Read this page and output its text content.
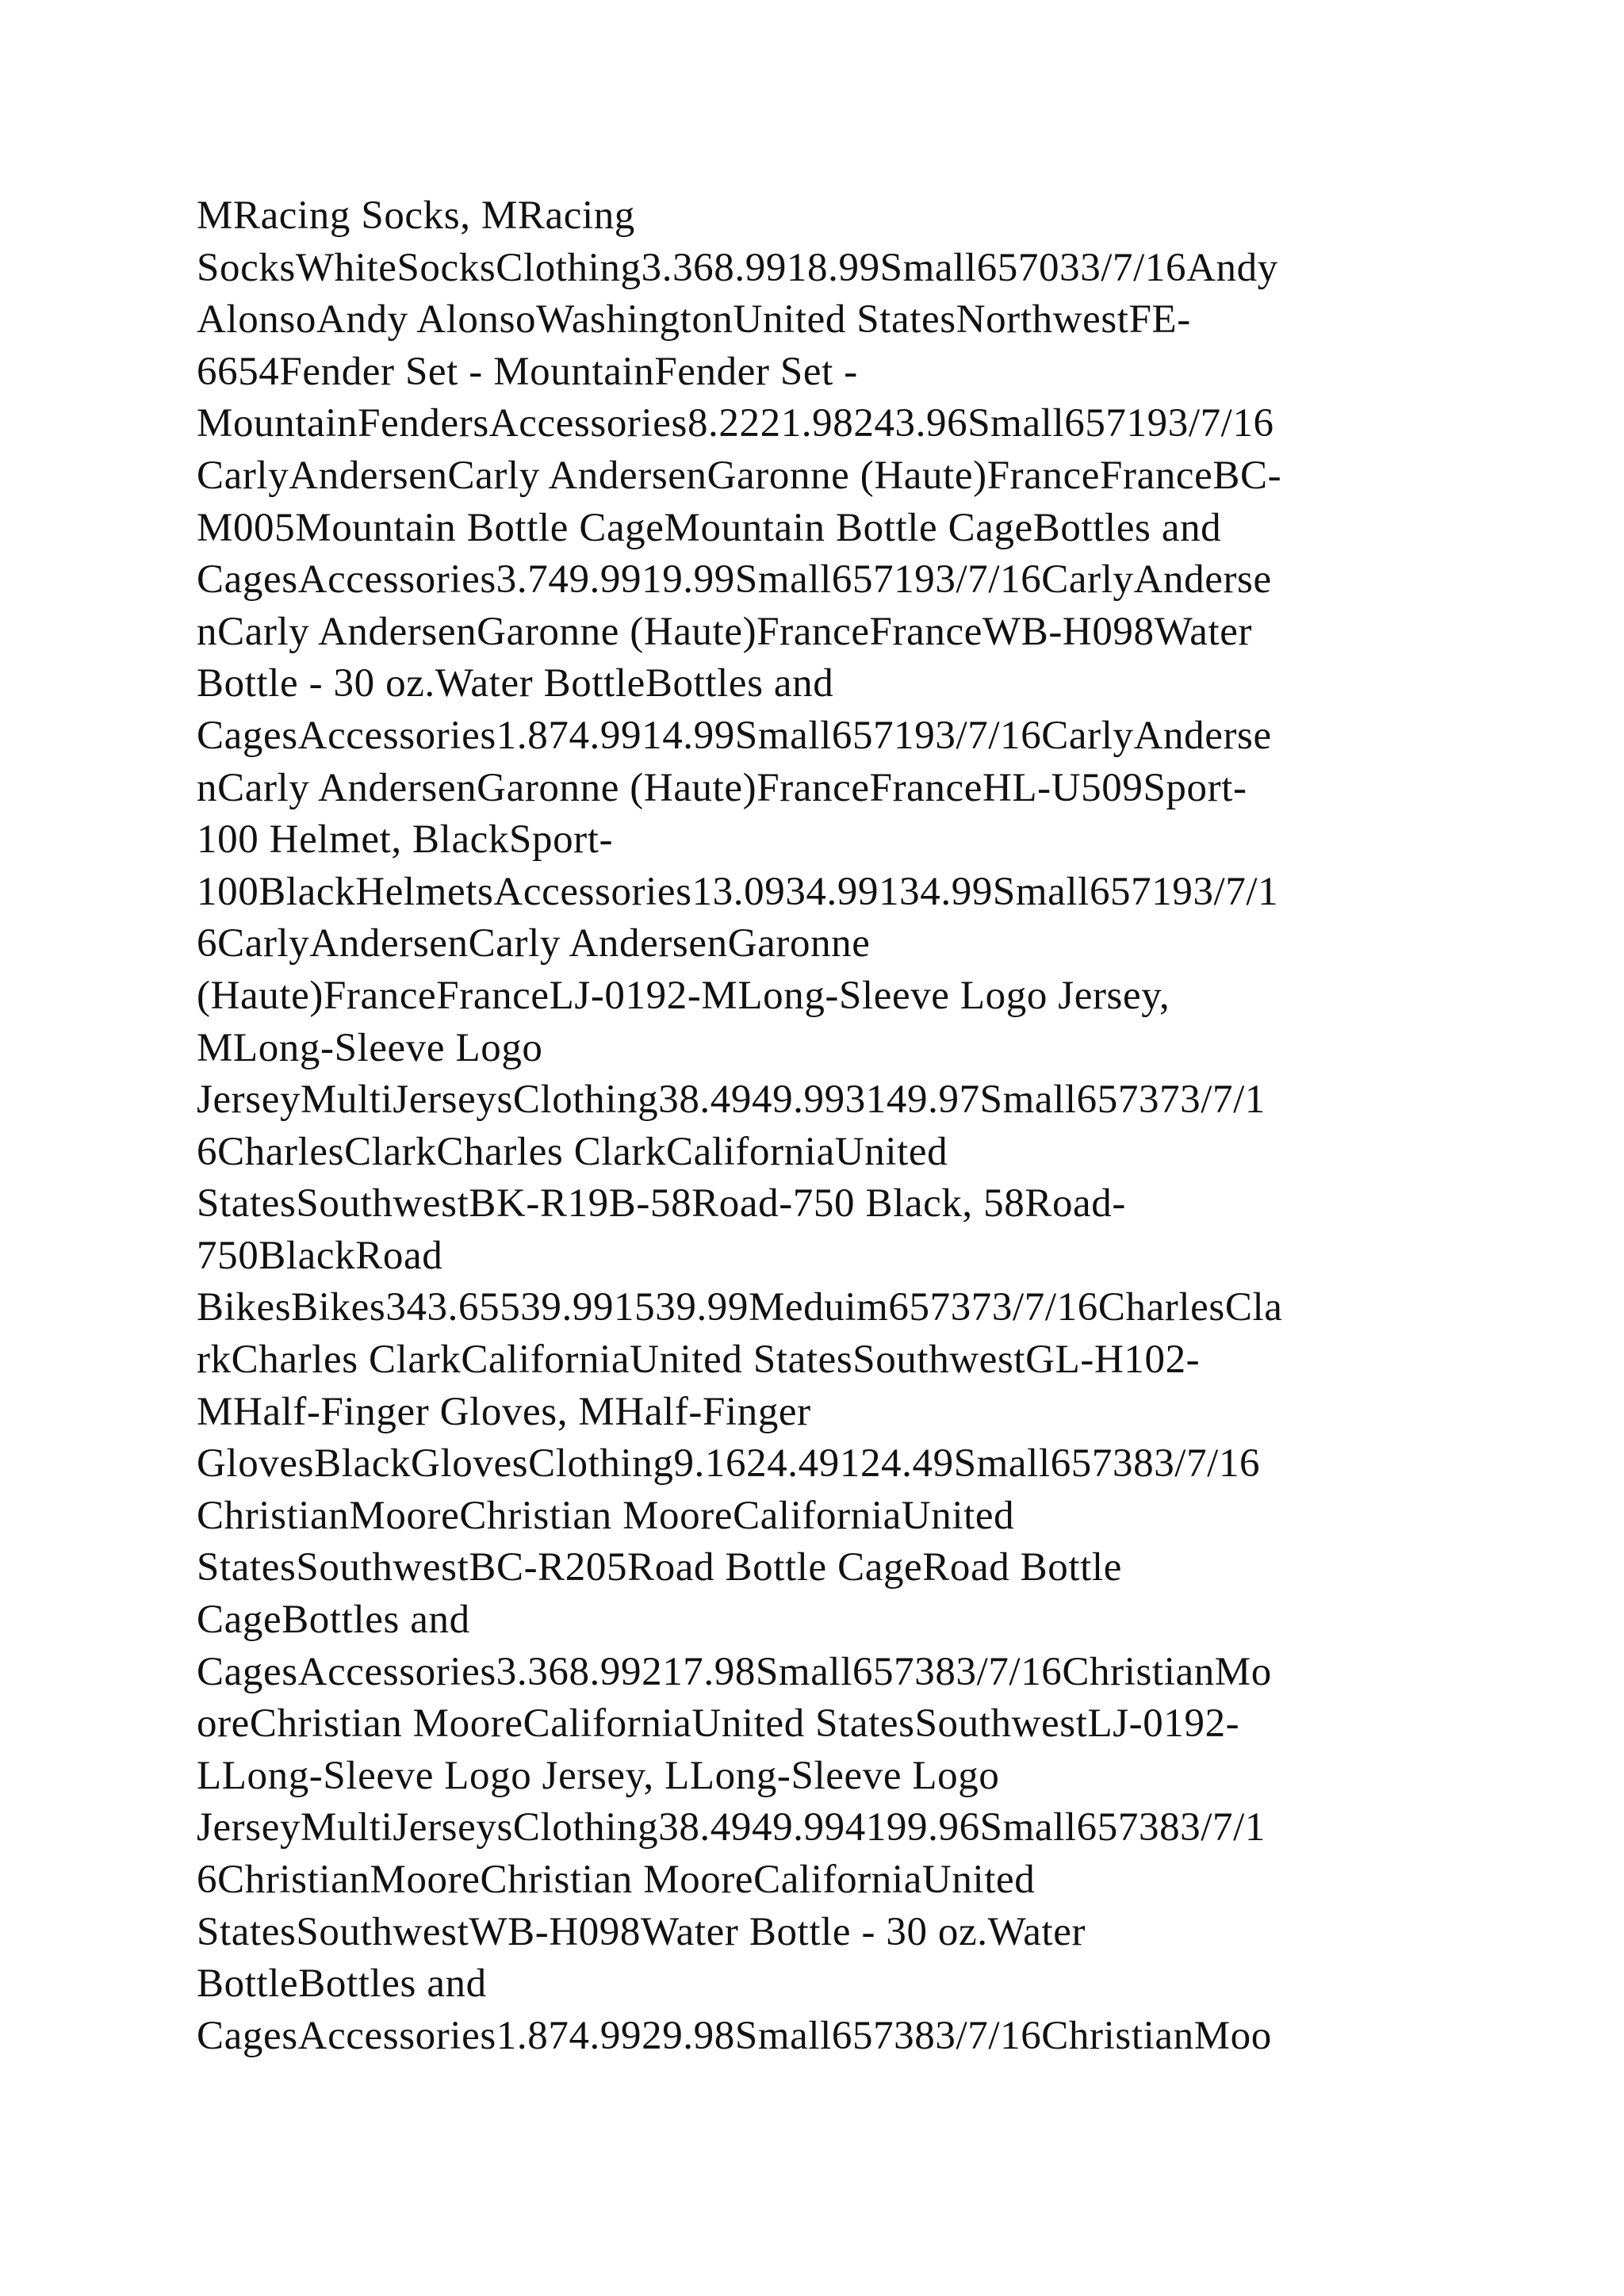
MRacing Socks, MRacing
SocksWhiteSocksClothing3.368.9918.99Small657033/7/16Andy
AlonsoAndy AlonsoWashingtonUnited StatesNorthwestFE-
6654Fender Set - MountainFender Set -
MountainFendersAccessories8.2221.98243.96Small657193/7/16
CarlyAndersenCarly AndersenGaronne (Haute)FranceFranceBC-
M005Mountain Bottle CageMountain Bottle CageBottles and
CagesAccessories3.749.9919.99Small657193/7/16CarlyAnderse
nCarly AndersenGaronne (Haute)FranceFranceWB-H098Water
Bottle - 30 oz.Water BottleBottles and
CagesAccessories1.874.9914.99Small657193/7/16CarlyAnderse
nCarly AndersenGaronne (Haute)FranceFranceHL-U509Sport-
100 Helmet, BlackSport-
100BlackHelmetsAccessories13.0934.99134.99Small657193/7/1
6CarlyAndersenCarly AndersenGaronne
(Haute)FranceFranceLJ-0192-MLong-Sleeve Logo Jersey,
MLong-Sleeve Logo
JerseyMultiJerseysClothing38.4949.993149.97Small657373/7/1
6CharlesClarkCharles ClarkCaliforniaUnited
StatesSouthwestBK-R19B-58Road-750 Black, 58Road-
750BlackRoad
BikesBikes343.65539.991539.99Meduim657373/7/16CharlesCla
rkCharles ClarkCaliforniaUnited StatesSouthwestGL-H102-
MHalf-Finger Gloves, MHalf-Finger
GlovesBlackGlovesClothing9.1624.49124.49Small657383/7/16
ChristianMooreChristian MooreCaliforniaUnited
StatesSouthwestBC-R205Road Bottle CageRoad Bottle
CageBottles and
CagesAccessories3.368.99217.98Small657383/7/16ChristianMo
oreChristian MooreCaliforniaUnited StatesSouthwestLJ-0192-
LLong-Sleeve Logo Jersey, LLong-Sleeve Logo
JerseyMultiJerseysClothing38.4949.994199.96Small657383/7/1
6ChristianMooreChristian MooreCaliforniaUnited
StatesSouthwestWB-H098Water Bottle - 30 oz.Water
BottleBottles and
CagesAccessories1.874.9929.98Small657383/7/16ChristianMoo
